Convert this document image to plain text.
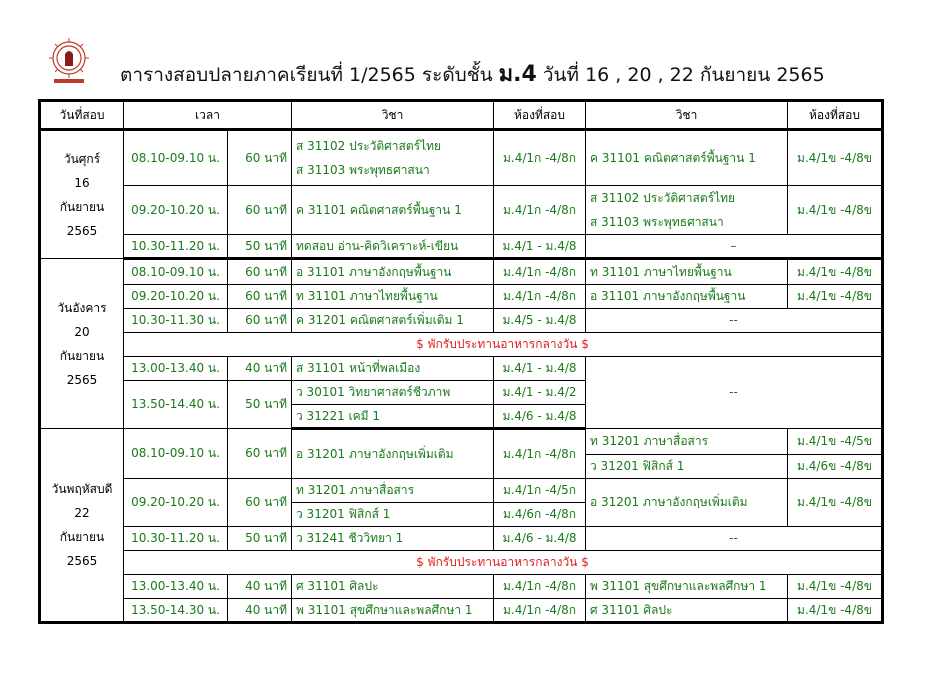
ตารางสอบปลายภาคเรียนที่ 1/2565 ระดับชั้น ม.4 วันที่ 16 , 20 , 22 กันยายน 2565
วันที่สอบ	เวลา		วิชา	ห้องที่สอบ	วิชา	ห้องที่สอบ

วันศุกร์
16
กันยายน
2565	08.10-09.10 น.	60 นาที	ส 31102 ประวัติศาสตร์ไทย
ส 31103 พระพุทธศาสนา	ม.4/1ก -4/8ก	ค 31101 คณิตศาสตร์พื้นฐาน 1	ม.4/1ข -4/8ข
	09.20-10.20 น.	60 นาที	ค 31101 คณิตศาสตร์พื้นฐาน 1	ม.4/1ก -4/8ก	ส 31102 ประวัติศาสตร์ไทย
ส 31103 พระพุทธศาสนา	ม.4/1ข -4/8ข
	10.30-11.20 น.	50 นาที	ทดสอบ อ่าน-คิดวิเคราะห์-เขียน	ม.4/1 - ม.4/8	–	

วันอังคาร
20
กันยายน
2565	08.10-09.10 น.	60 นาที	อ 31101 ภาษาอังกฤษพื้นฐาน	ม.4/1ก -4/8ก	ท 31101 ภาษาไทยพื้นฐาน	ม.4/1ข -4/8ข
	09.20-10.20 น.	60 นาที	ท 31101 ภาษาไทยพื้นฐาน	ม.4/1ก -4/8ก	อ 31101 ภาษาอังกฤษพื้นฐาน	ม.4/1ข -4/8ข
	10.30-11.30 น.	60 นาที	ค 31201 คณิตศาสตร์เพิ่มเติม 1	ม.4/5 - ม.4/8	--	
	$ พักรับประทานอาหารกลางวัน $					
	13.00-13.40 น.	40 นาที	ส 31101 หน้าที่พลเมือง	ม.4/1 - ม.4/8	--	
	13.50-14.40 น.	50 นาที	ว 30101 วิทยาศาสตร์ชีวภาพ	ม.4/1 - ม.4/2		
			ว 31221 เคมี 1	ม.4/6 - ม.4/8		

วันพฤหัสบดี
22
กันยายน
2565	08.10-09.10 น.	60 นาที	อ 31201 ภาษาอังกฤษเพิ่มเติม	ม.4/1ก -4/8ก	ท 31201 ภาษาสื่อสาร	ม.4/1ข -4/5ข
					ว 31201 ฟิสิกส์ 1	ม.4/6ข -4/8ข
	09.20-10.20 น.	60 นาที	ท 31201 ภาษาสื่อสาร	ม.4/1ก -4/5ก	อ 31201 ภาษาอังกฤษเพิ่มเติม	ม.4/1ข -4/8ข
			ว 31201 ฟิสิกส์ 1	ม.4/6ก -4/8ก		
	10.30-11.20 น.	50 นาที	ว 31241 ชีววิทยา 1	ม.4/6 - ม.4/8	--	
	$ พักรับประทานอาหารกลางวัน $					
	13.00-13.40 น.	40 นาที	ศ 31101 ศิลปะ	ม.4/1ก -4/8ก	พ 31101 สุขศึกษาและพลศึกษา 1	ม.4/1ข -4/8ข
	13.50-14.30 น.	40 นาที	พ 31101 สุขศึกษาและพลศึกษา 1	ม.4/1ก -4/8ก	ศ 31101 ศิลปะ	ม.4/1ข -4/8ข
